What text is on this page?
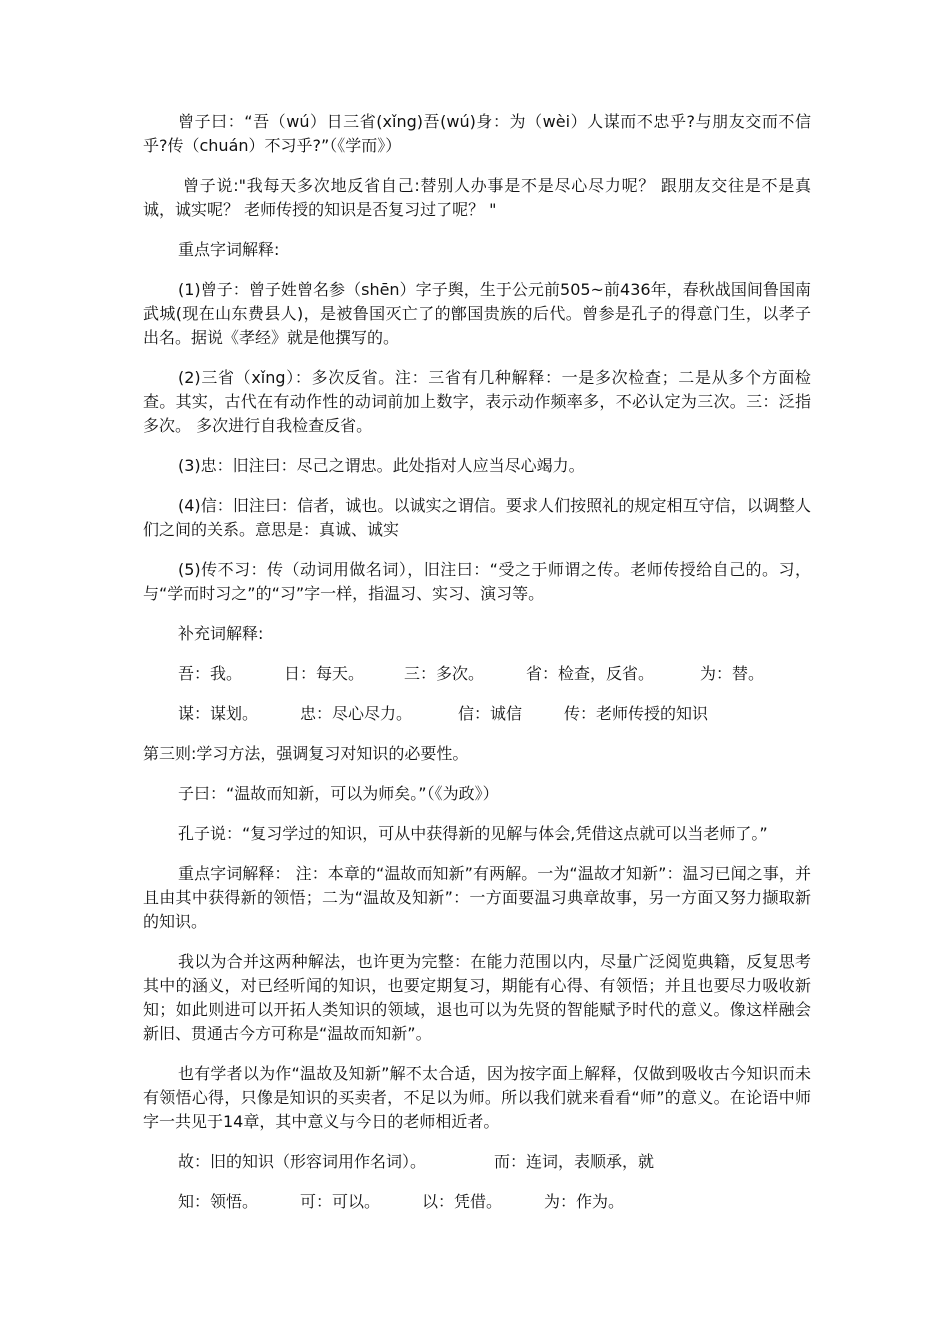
曾子曰：“吾（wú）日三省(xǐng)吾(wú)身：为（wèi）人谋而不忠乎?与朋友交而不信乎?传（chuán）不习乎?”（《学而》）

曾子说:"我每天多次地反省自己:替别人办事是不是尽心尽力呢？ 跟朋友交往是不是真诚，诚实呢？ 老师传授的知识是否复习过了呢？ "

重点字词解释:

(1)曾子：曾子姓曾名参（shēn）字子舆，生于公元前505~前436年，春秋战国间鲁国南武城(现在山东费县人)，是被鲁国灭亡了的鄫国贵族的后代。曾参是孔子的得意门生，以孝子出名。据说《孝经》就是他撰写的。

(2)三省（xǐng）：多次反省。注：三省有几种解释：一是多次检查；二是从多个方面检查。其实，古代在有动作性的动词前加上数字，表示动作频率多，不必认定为三次。三：泛指多次。 多次进行自我检查反省。

(3)忠：旧注曰：尽己之谓忠。此处指对人应当尽心竭力。

(4)信：旧注曰：信者，诚也。以诚实之谓信。要求人们按照礼的规定相互守信，以调整人们之间的关系。意思是：真诚、诚实

(5)传不习：传（动词用做名词），旧注曰：“受之于师谓之传。老师传授给自己的。习，与“学而时习之”的“习”字一样，指温习、实习、演习等。

补充词解释:

吾：我。	日：每天。 三：多次。	省：检查，反省。	为：替。
谋：谋划。	忠：尽心尽力。	信：诚信	传：老师传授的知识

第三则:学习方法，强调复习对知识的必要性。

子曰：“温故而知新，可以为师矣。”（《为政》）

孔子说：“复习学过的知识，可从中获得新的见解与体会,凭借这点就可以当老师了。”

重点字词解释： 注：本章的“温故而知新”有两解。一为“温故才知新”：温习已闻之事，并且由其中获得新的领悟；二为“温故及知新”：一方面要温习典章故事，另一方面又努力撷取新的知识。

我以为合并这两种解法，也许更为完整：在能力范围以内，尽量广泛阅览典籍，反复思考其中的涵义，对已经听闻的知识，也要定期复习，期能有心得、有领悟；并且也要尽力吸收新知；如此则进可以开拓人类知识的领域，退也可以为先贤的智能赋予时代的意义。像这样融会新旧、贯通古今方可称是“温故而知新”。

也有学者以为作“温故及知新”解不太合适，因为按字面上解释，仅做到吸收古今知识而未有领悟心得，只像是知识的买卖者，不足以为师。所以我们就来看看“师”的意义。在论语中师字一共见于14章，其中意义与今日的老师相近者。

故：旧的知识（形容词用作名词）。	而：连词，表顺承，就
知：领悟。	可：可以。	以：凭借。	为：作为。
